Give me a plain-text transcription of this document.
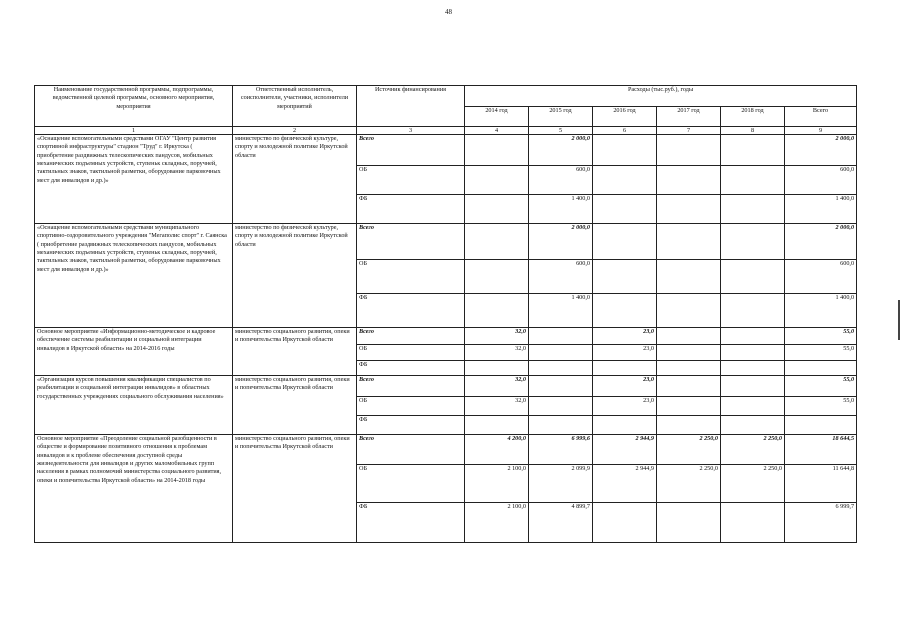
48
Наименование государственной программы, подпрограммы, ведомственной целевой программы, основного мероприятия, мероприятия	Ответственный исполнитель, соисполнители, участники, исполнители мероприятий	Источник финансирования	Расходы (тыс.руб.), годы					
			2014 год	2015 год	2016 год	2017 год	2018 год	Всего
1	2	3	4	5	6	7	8	9
«Оснащение вспомогательными средствами ОГАУ "Центр развития спортивной инфраструктуры" стадион "Труд" г. Иркутска ( приобретение раздвижных телескопических пандусов, мобильных механических подъемных устройств, ступеньк складных, поручней, тактильных знаков, тактильной разметки, оборудование парковочных мест для инвалидов и др.)»	министерство по физической культуре, спорту и молодежной политике Иркутской области	Всего		2 000,0				2 000,0
		ОБ		600,0				600,0
		ФБ		1 400,0				1 400,0
«Оснащение вспомогательными средствами муниципального спортивно-оздоровительного учреждения "Мегаполис спорт" г. Саянска ( приобретение раздвижных телескопических пандусов, мобильных механических подъемных устройств, ступеньк складных, поручней, тактильных знаков, тактильной разметки, оборудование парковочных мест для инвалидов и др.)»	министерство по физической культуре, спорту и молодежной политике Иркутской области	Всего		2 000,0				2 000,0
		ОБ		600,0				600,0
		ФБ		1 400,0				1 400,0
Основное мероприятие «Информационно-методическое и кадровое обеспечение системы реабилитации и социальной интеграции инвалидов в Иркутской области» на 2014-2016 годы	министерство социального развития, опеки и попечительства Иркутской области	Всего	32,0		23,0			55,0
		ОБ	32,0		23,0			55,0
		ФБ						
«Организация курсов повышения квалификации специалистов по реабилитации и социальной интеграции инвалидов» в областных государственных учреждениях социального обслуживания населения»	министерство социального развития, опеки и попечительства Иркутской области	Всего	32,0		23,0			55,0
		ОБ	32,0		23,0			55,0
		ФБ						
Основное мероприятие «Преодоление социальной разобщенности в обществе и формирование позитивного отношения к проблемам инвалидов и к проблеме обеспечения доступной среды жизнедеятельности для инвалидов и других маломобильных групп населения в рамках полномочий министерства социального развития, опеки и попечительства Иркутской области» на 2014-2018 годы	министерство социального развития, опеки и попечительства Иркутской области	Всего	4 200,0	6 999,6	2 944,9	2 250,0	2 250,0	18 644,5
		ОБ	2 100,0	2 099,9	2 944,9	2 250,0	2 250,0	11 644,8
		ФБ	2 100,0	4 899,7				6 999,7
